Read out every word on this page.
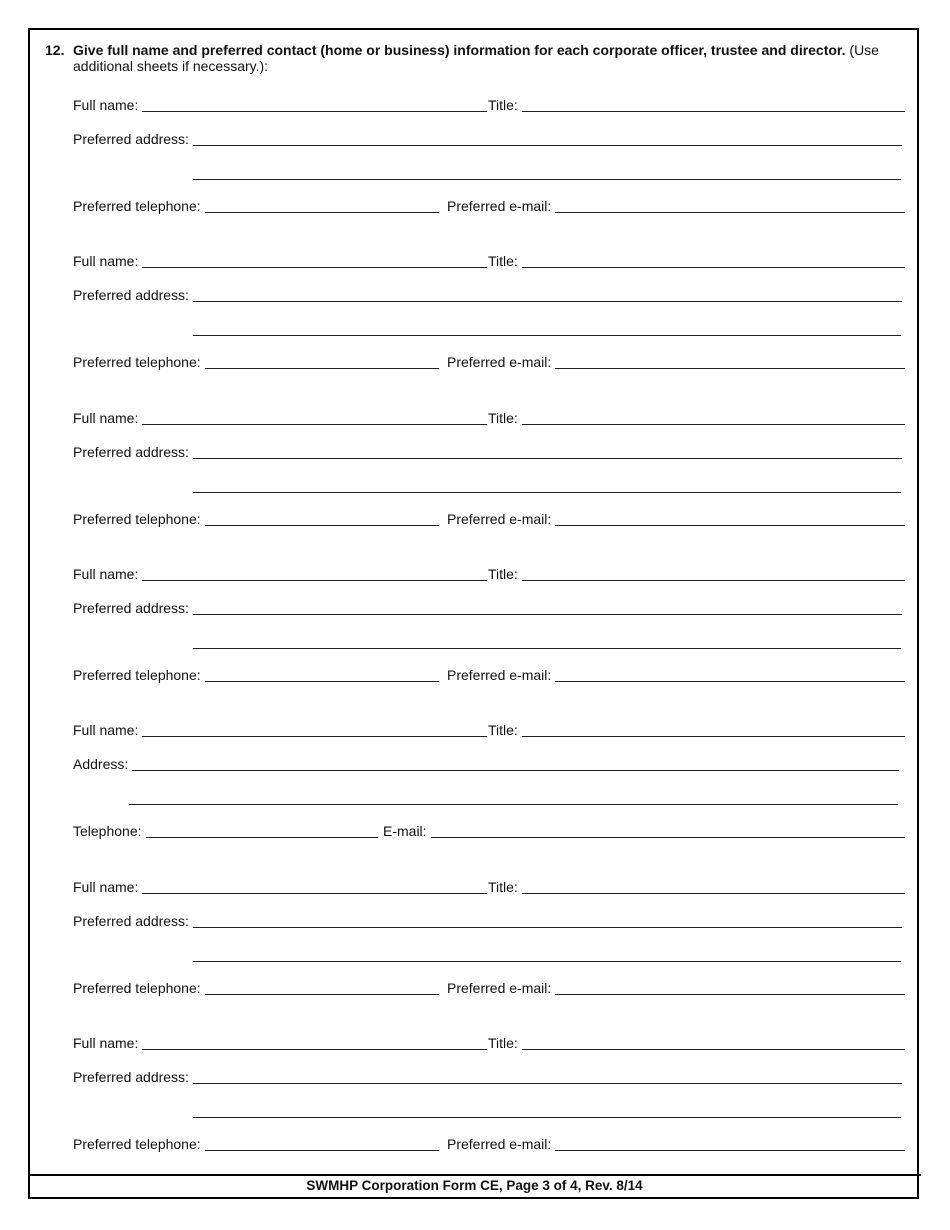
12. Give full name and preferred contact (home or business) information for each corporate officer, trustee and director. (Use additional sheets if necessary.):
Full name:	Title:
Preferred address:
Preferred telephone:	Preferred e-mail:
Full name:	Title:
Preferred address:
Preferred telephone:	Preferred e-mail:
Full name:	Title:
Preferred address:
Preferred telephone:	Preferred e-mail:
Full name:	Title:
Preferred address:
Preferred telephone:	Preferred e-mail:
Full name:	Title:
Address:
Telephone:	E-mail:
Full name:	Title:
Preferred address:
Preferred telephone:	Preferred e-mail:
Full name:	Title:
Preferred address:
Preferred telephone:	Preferred e-mail:
SWMHP Corporation Form CE, Page 3 of 4, Rev. 8/14
